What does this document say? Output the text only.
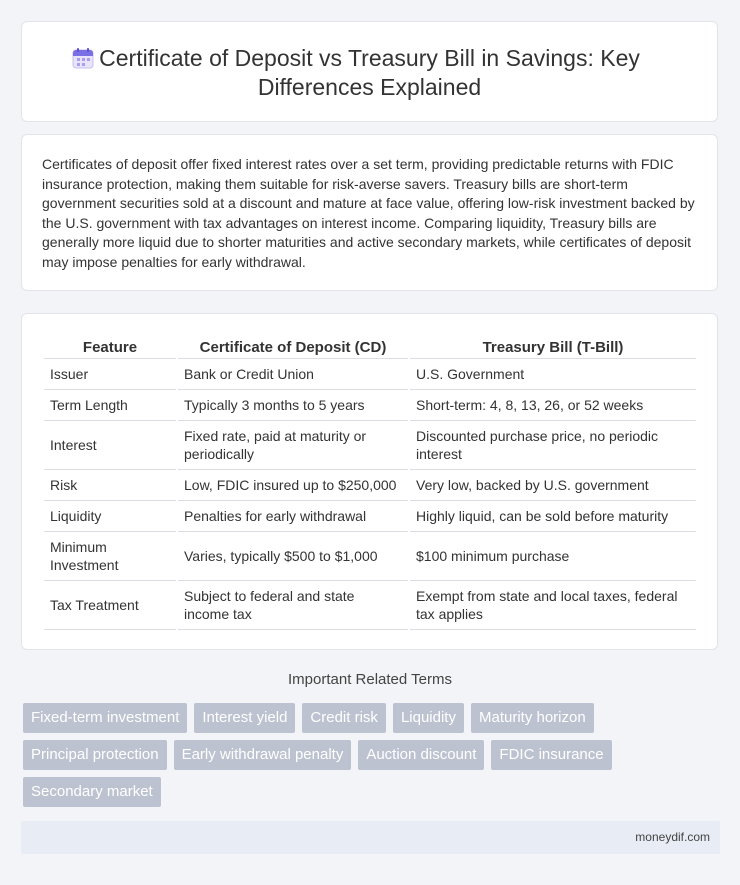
Certificate of Deposit vs Treasury Bill in Savings: Key Differences Explained

Certificates of deposit offer fixed interest rates over a set term, providing predictable returns with FDIC insurance protection, making them suitable for risk-averse savers. Treasury bills are short-term government securities sold at a discount and mature at face value, offering low-risk investment backed by the U.S. government with tax advantages on interest income. Comparing liquidity, Treasury bills are generally more liquid due to shorter maturities and active secondary markets, while certificates of deposit may impose penalties for early withdrawal.

Feature	Certificate of Deposit (CD)	Treasury Bill (T-Bill)
Issuer	Bank or Credit Union	U.S. Government
Term Length	Typically 3 months to 5 years	Short-term: 4, 8, 13, 26, or 52 weeks
Interest	Fixed rate, paid at maturity or periodically	Discounted purchase price, no periodic interest
Risk	Low, FDIC insured up to $250,000	Very low, backed by U.S. government
Liquidity	Penalties for early withdrawal	Highly liquid, can be sold before maturity
Minimum Investment	Varies, typically $500 to $1,000	$100 minimum purchase
Tax Treatment	Subject to federal and state income tax	Exempt from state and local taxes, federal tax applies
Important Related Terms
Fixed-term investment	Interest yield	Credit risk	Liquidity	Maturity horizon
Principal protection	Early withdrawal penalty	Auction discount	FDIC insurance
Secondary market
moneydif.com
